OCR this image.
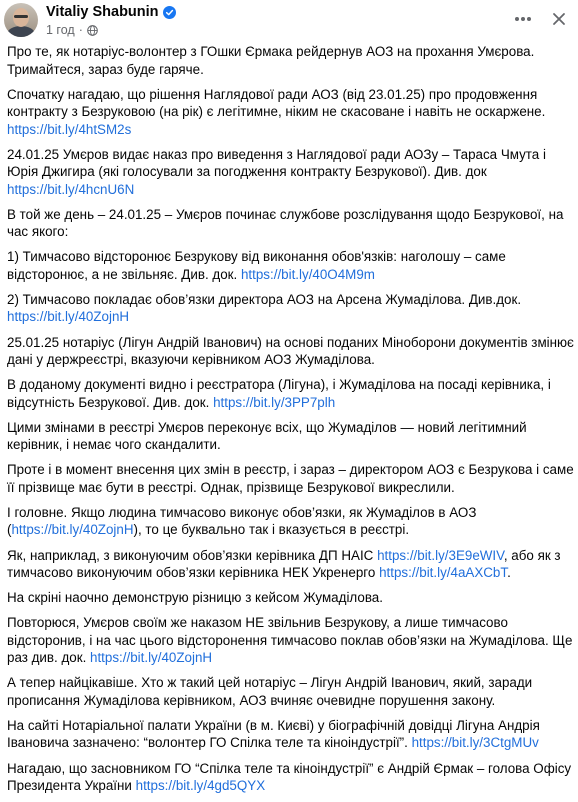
Vitaliy Shabunin
1 год ·

Про те, як нотаріус-волонтер з ГОшки Єрмака рейдернув АОЗ на прохання Умєрова. Тримайтеся, зараз буде гаряче.

Спочатку нагадаю, що рішення Наглядової ради АОЗ (від 23.01.25) про продовження контракту з Безруковою (на рік) є легітимне, ніким не скасоване і навіть не оскаржене. https://bit.ly/4htSM2s

24.01.25 Умєров видає наказ про виведення з Наглядової ради АОЗу – Тараса Чмута і Юрія Джигира (які голосували за погодження контракту Безрукової). Див. док https://bit.ly/4hcnU6N

В той же день – 24.01.25 – Умєров починає службове розслідування щодо Безрукової, на час якого:

1) Тимчасово відсторонює Безрукову від виконання обов'язків: наголошу – саме відсторонює, а не звільняє. Див. док. https://bit.ly/40O4M9m

2) Тимчасово покладає обов’язки директора АОЗ на Арсена Жумаділова. Див.док. https://bit.ly/40ZojnH

25.01.25 нотаріус (Лігун Андрій Іванович) на основі поданих Міноборони документів змінює дані у держреєстрі, вказуючи керівником АОЗ Жумаділова.

В доданому документі видно і реєстратора (Лігуна), і Жумаділова на посаді керівника, і відсутність Безрукової. Див. док. https://bit.ly/3PP7plh

Цими змінами в реєстрі Умєров переконує всіх, що Жумаділов — новий легітимний керівник, і немає чого скандалити.

Проте і в момент внесення цих змін в реєстр, і зараз – директором АОЗ є Безрукова і саме її прізвище має бути в реєстрі. Однак, прізвище Безрукової викреслили.

І головне. Якщо людина тимчасово виконує обов’язки, як Жумаділов в АОЗ (https://bit.ly/40ZojnH), то це буквально так і вказується в реєстрі.

Як, наприклад, з виконуючим обов’язки керівника ДП НАІС https://bit.ly/3E9eWIV, або як з тимчасово виконуючим обов’язки керівника НЕК Укренерго https://bit.ly/4aAXCbT.

На скріні наочно демонструю різницю з кейсом Жумаділова.

Повторюся, Умєров своїм же наказом НЕ звільнив Безрукову, а лише тимчасово відсторонив, і на час цього відсторонення тимчасово поклав обов’язки на Жумаділова. Ще раз див. док. https://bit.ly/40ZojnH

А тепер найцікавіше. Хто ж такий цей нотаріус – Лігун Андрій Іванович, який, заради прописання Жумаділова керівником, АОЗ вчиняє очевидне порушення закону.

На сайті Нотаріальної палати України (в м. Києві) у біографічній довідці Лігуна Андрія Івановича зазначено: “волонтер ГО Спілка теле та кіноіндустрії”. https://bit.ly/3CtgMUv

Нагадаю, що засновником ГО “Спілка теле та кіноіндустрії” є Андрій Єрмак – голова Офісу Президента України https://bit.ly/4gd5QYX
